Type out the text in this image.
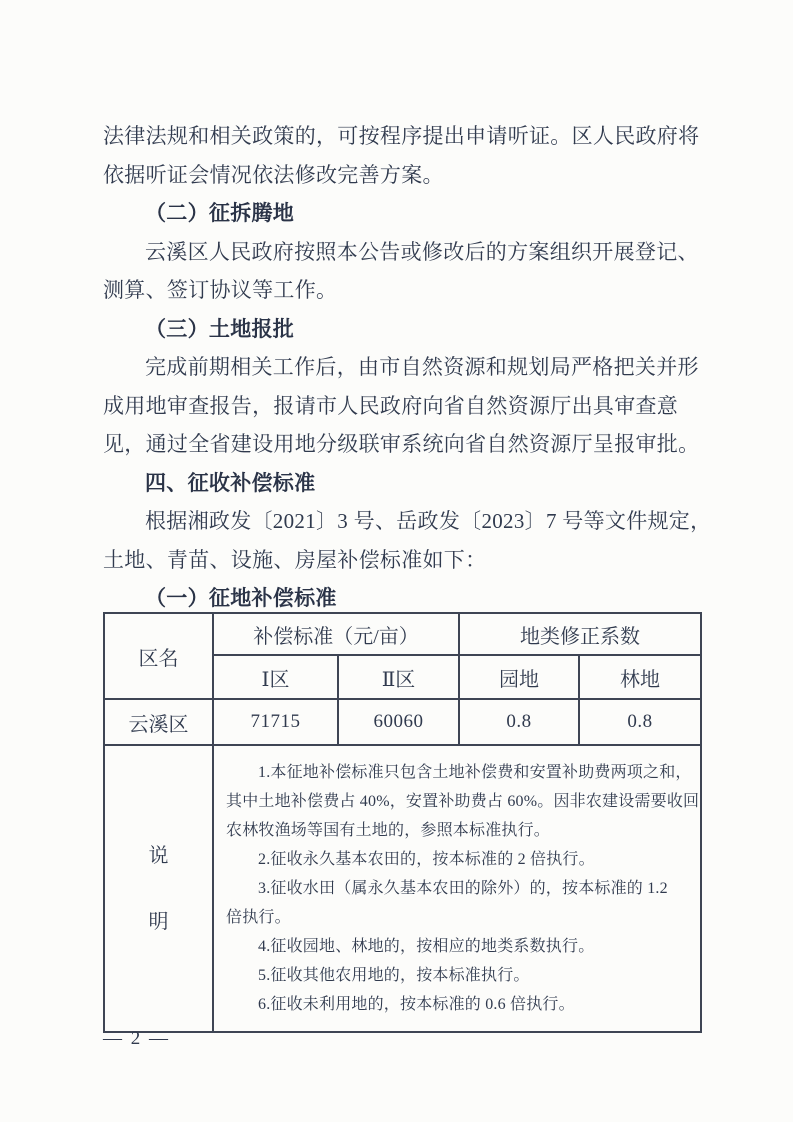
法律法规和相关政策的，可按程序提出申请听证。区人民政府将
依据听证会情况依法修改完善方案。
（二）征拆腾地
云溪区人民政府按照本公告或修改后的方案组织开展登记、
测算、签订协议等工作。
（三）土地报批
完成前期相关工作后，由市自然资源和规划局严格把关并形
成用地审查报告，报请市人民政府向省自然资源厅出具审查意
见，通过全省建设用地分级联审系统向省自然资源厅呈报审批。
四、征收补偿标准
根据湘政发〔2021〕3 号、岳政发〔2023〕7 号等文件规定，
土地、青苗、设施、房屋补偿标准如下：
（一）征地补偿标准
区名	补偿标准（元/亩）		地类修正系数	
	Ⅰ区	Ⅱ区	园地	林地
云溪区	71715	60060	0.8	0.8

说
明

1.本征地补偿标准只包含土地补偿费和安置补助费两项之和，
其中土地补偿费占 40%，安置补助费占 60%。因非农建设需要收回
农林牧渔场等国有土地的，参照本标准执行。
2.征收永久基本农田的，按本标准的 2 倍执行。
3.征收水田（属永久基本农田的除外）的，按本标准的 1.2
倍执行。
4.征收园地、林地的，按相应的地类系数执行。
5.征收其他农用地的，按本标准执行。
6.征收未利用地的，按本标准的 0.6 倍执行。
— 2 —
